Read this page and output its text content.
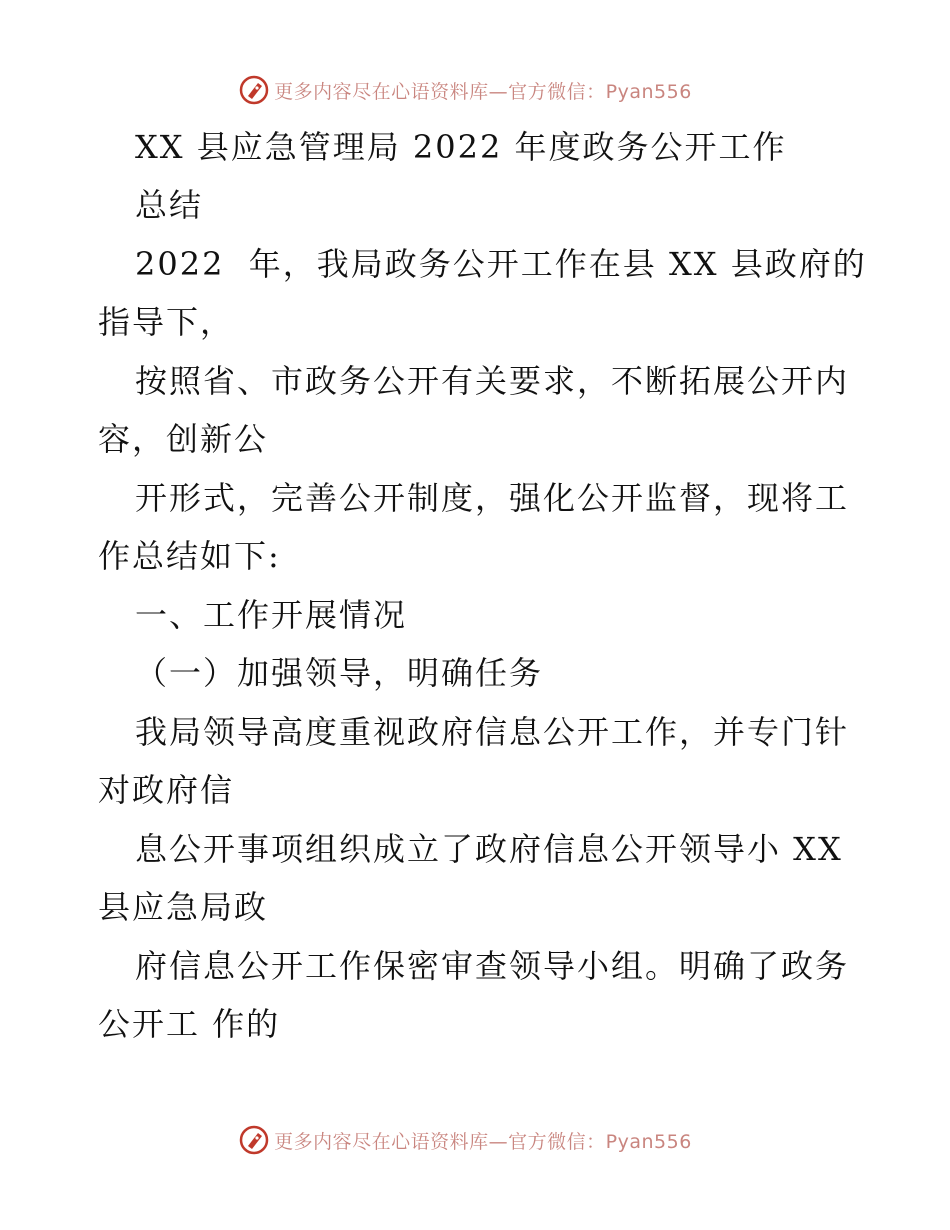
更多内容尽在心语资料库—官方微信：Pyan556
XX 县应急管理局 2022 年度政务公开工作
总结
2022  年，我局政务公开工作在县 XX 县政府的
指导下，
按照省、市政务公开有关要求，不断拓展公开内
容，创新公
开形式，完善公开制度，强化公开监督，现将工
作总结如下:
一、工作开展情况
（一）加强领导，明确任务
我局领导高度重视政府信息公开工作，并专门针
对政府信
息公开事项组织成立了政府信息公开领导小 XX
县应急局政
府信息公开工作保密审查领导小组。明确了政务
公开工 作的
更多内容尽在心语资料库—官方微信：Pyan556
